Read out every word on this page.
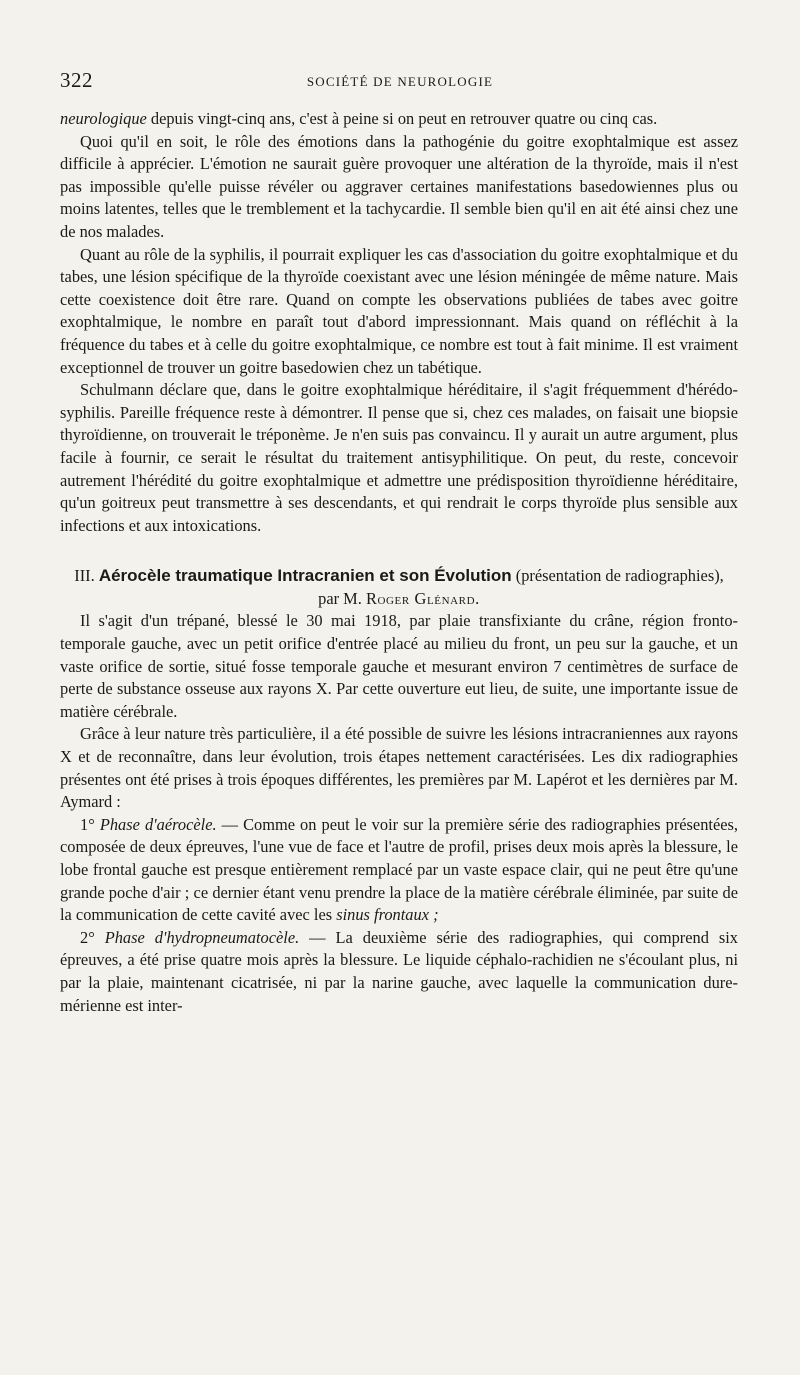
322	SOCIÉTÉ DE NEUROLOGIE

neurologique depuis vingt-cinq ans, c'est à peine si on peut en retrouver quatre ou cinq cas.

Quoi qu'il en soit, le rôle des émotions dans la pathogénie du goitre exophtalmique est assez difficile à apprécier. L'émotion ne saurait guère provoquer une altération de la thyroïde, mais il n'est pas impossible qu'elle puisse révéler ou aggraver certaines manifestations basedowiennes plus ou moins latentes, telles que le tremblement et la tachycardie. Il semble bien qu'il en ait été ainsi chez une de nos malades.

Quant au rôle de la syphilis, il pourrait expliquer les cas d'association du goitre exophtalmique et du tabes, une lésion spécifique de la thyroïde coexistant avec une lésion méningée de même nature. Mais cette coexistence doit être rare. Quand on compte les observations publiées de tabes avec goitre exophtalmique, le nombre en paraît tout d'abord impressionnant. Mais quand on réfléchit à la fréquence du tabes et à celle du goitre exophtalmique, ce nombre est tout à fait minime. Il est vraiment exceptionnel de trouver un goitre basedowien chez un tabétique.

Schulmann déclare que, dans le goitre exophtalmique héréditaire, il s'agit fréquemment d'hérédo-syphilis. Pareille fréquence reste à démontrer. Il pense que si, chez ces malades, on faisait une biopsie thyroïdienne, on trouverait le tréponème. Je n'en suis pas convaincu. Il y aurait un autre argument, plus facile à fournir, ce serait le résultat du traitement antisyphilitique. On peut, du reste, concevoir autrement l'hérédité du goitre exophtalmique et admettre une prédisposition thyroïdienne héréditaire, qu'un goitreux peut transmettre à ses descendants, et qui rendrait le corps thyroïde plus sensible aux infections et aux intoxications.

III. Aérocèle traumatique Intracranien et son Évolution (présentation de radiographies), par M. Roger Glénard.

Il s'agit d'un trépané, blessé le 30 mai 1918, par plaie transfixiante du crâne, région fronto-temporale gauche, avec un petit orifice d'entrée placé au milieu du front, un peu sur la gauche, et un vaste orifice de sortie, situé fosse temporale gauche et mesurant environ 7 centimètres de surface de perte de substance osseuse aux rayons X. Par cette ouverture eut lieu, de suite, une importante issue de matière cérébrale.

Grâce à leur nature très particulière, il a été possible de suivre les lésions intracraniennes aux rayons X et de reconnaître, dans leur évolution, trois étapes nettement caractérisées. Les dix radiographies présentes ont été prises à trois époques différentes, les premières par M. Lapérot et les dernières par M. Aymard :

1° Phase d'aérocèle. — Comme on peut le voir sur la première série des radiographies présentées, composée de deux épreuves, l'une vue de face et l'autre de profil, prises deux mois après la blessure, le lobe frontal gauche est presque entièrement remplacé par un vaste espace clair, qui ne peut être qu'une grande poche d'air ; ce dernier étant venu prendre la place de la matière cérébrale éliminée, par suite de la communication de cette cavité avec les sinus frontaux ;

2° Phase d'hydropneumatocèle. — La deuxième série des radiographies, qui comprend six épreuves, a été prise quatre mois après la blessure. Le liquide céphalo-rachidien ne s'écoulant plus, ni par la plaie, maintenant cicatrisée, ni par la narine gauche, avec laquelle la communication dure-mérienne est inter-
